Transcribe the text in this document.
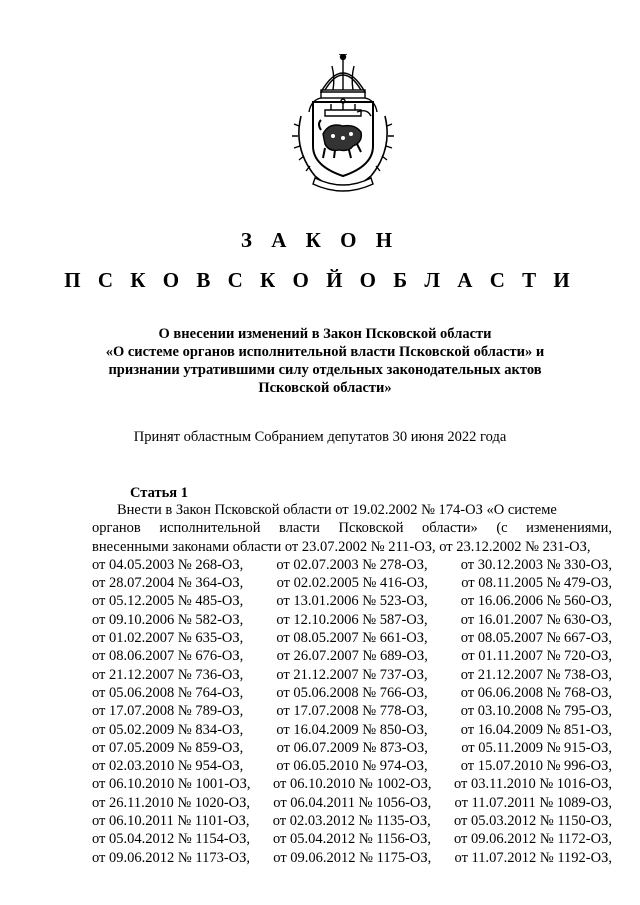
З А К О Н
П С К О В С К О Й О Б Л А С Т И
О внесении изменений в Закон Псковской области
«О системе органов исполнительной власти Псковской области» и
признании утратившими силу отдельных законодательных актов
Псковской области»
Принят областным Собранием депутатов 30 июня 2022 года
Статья 1
Внести в Закон Псковской области от 19.02.2002 № 174-ОЗ «О системе
органов исполнительной власти Псковской области» (с изменениями,
внесенными законами области от 23.07.2002 № 211-ОЗ, от 23.12.2002 № 231-ОЗ,
от 04.05.2003 № 268-ОЗ, от 02.07.2003 № 278-ОЗ, от 30.12.2003 № 330-ОЗ,
от 28.07.2004 № 364-ОЗ, от 02.02.2005 № 416-ОЗ, от 08.11.2005 № 479-ОЗ,
от 05.12.2005 № 485-ОЗ, от 13.01.2006 № 523-ОЗ, от 16.06.2006 № 560-ОЗ,
от 09.10.2006 № 582-ОЗ, от 12.10.2006 № 587-ОЗ, от 16.01.2007 № 630-ОЗ,
от 01.02.2007 № 635-ОЗ, от 08.05.2007 № 661-ОЗ, от 08.05.2007 № 667-ОЗ,
от 08.06.2007 № 676-ОЗ, от 26.07.2007 № 689-ОЗ, от 01.11.2007 № 720-ОЗ,
от 21.12.2007 № 736-ОЗ, от 21.12.2007 № 737-ОЗ, от 21.12.2007 № 738-ОЗ,
от 05.06.2008 № 764-ОЗ, от 05.06.2008 № 766-ОЗ, от 06.06.2008 № 768-ОЗ,
от 17.07.2008 № 789-ОЗ, от 17.07.2008 № 778-ОЗ, от 03.10.2008 № 795-ОЗ,
от 05.02.2009 № 834-ОЗ, от 16.04.2009 № 850-ОЗ, от 16.04.2009 № 851-ОЗ,
от 07.05.2009 № 859-ОЗ, от 06.07.2009 № 873-ОЗ, от 05.11.2009 № 915-ОЗ,
от 02.03.2010 № 954-ОЗ, от 06.05.2010 № 974-ОЗ, от 15.07.2010 № 996-ОЗ,
от 06.10.2010 № 1001-ОЗ, от 06.10.2010 № 1002-ОЗ, от 03.11.2010 № 1016-ОЗ,
от 26.11.2010 № 1020-ОЗ, от 06.04.2011 № 1056-ОЗ, от 11.07.2011 № 1089-ОЗ,
от 06.10.2011 № 1101-ОЗ, от 02.03.2012 № 1135-ОЗ, от 05.03.2012 № 1150-ОЗ,
от 05.04.2012 № 1154-ОЗ, от 05.04.2012 № 1156-ОЗ, от 09.06.2012 № 1172-ОЗ,
от 09.06.2012 № 1173-ОЗ, от 09.06.2012 № 1175-ОЗ, от 11.07.2012 № 1192-ОЗ,
